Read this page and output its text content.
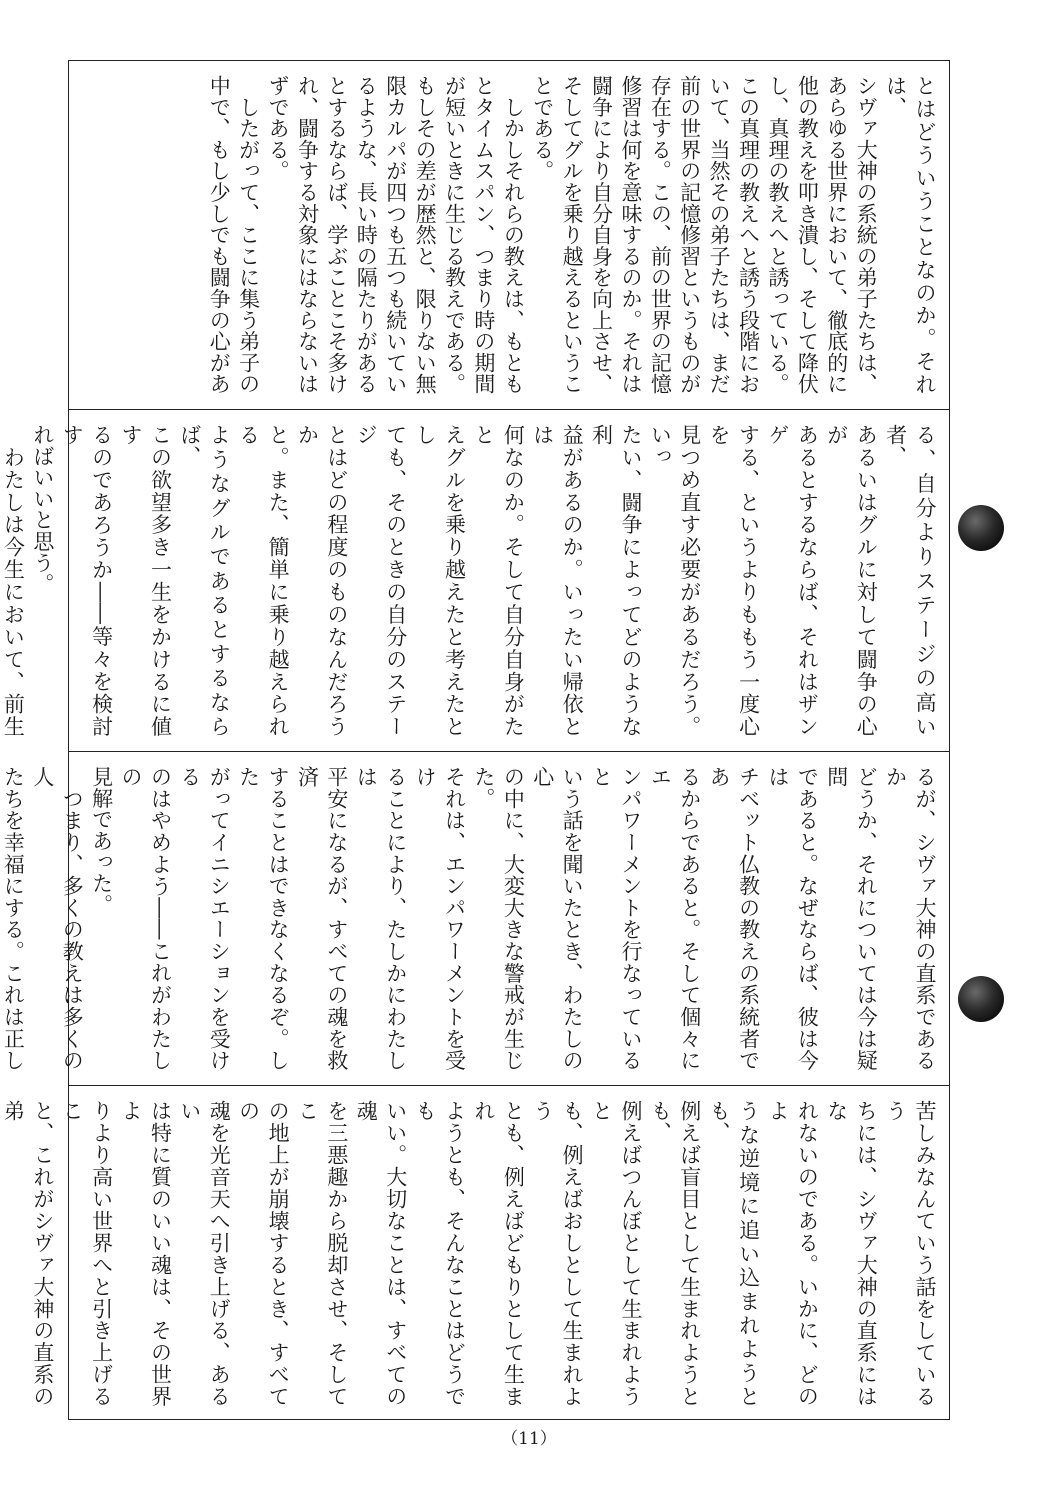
とはどういうことなのか。それは、
シヴァ大神の系統の弟子たちは、
あらゆる世界において、徹底的に
他の教えを叩き潰し、そして降伏
し、真理の教えへと誘っている。
この真理の教えへと誘う段階にお
いて、当然その弟子たちは、まだ
前の世界の記憶修習というものが
存在する。この、前の世界の記憶
修習は何を意味するのか。それは
闘争により自分自身を向上させ、
そしてグルを乗り越えるというこ
とである。
　しかしそれらの教えは、もとも
とタイムスパン、つまり時の期間
が短いときに生じる教えである。
もしその差が歴然と、限りない無
限カルパが四つも五つも続いてい
るような、長い時の隔たりがある
とするならば、学ぶことこそ多け
れ、闘争する対象にはならないは
ずである。
　したがって、ここに集う弟子の
中で、もし少しでも闘争の心があ
る、自分よりステージの高い者、
あるいはグルに対して闘争の心が
あるとするならば、それはザンゲ
する、というよりももう一度心を
見つめ直す必要があるだろう。いっ
たい、闘争によってどのような利
益があるのか。いったい帰依とは
何なのか。そして自分自身がたと
えグルを乗り越えたと考えたとし
ても、そのときの自分のステージ
とはどの程度のものなんだろうか
と。また、簡単に乗り越えられる
ようなグルであるとするならば、
この欲望多き一生をかけるに値す
るのであろうか――等々を検討す
ればいいと思う。
　わたしは今生において、前生

るが、シヴァ大神の直系であるか
どうか、それについては今は疑問
であると。なぜならば、彼は今は
チベット仏教の教えの系統者であ
るからであると。そして個々にエ
ンパワーメントを行なっていると
いう話を聞いたとき、わたしの心
の中に、大変大きな警戒が生じた。
それは、エンパワーメントを受け
ることにより、たしかにわたしは
平安になるが、すべての魂を救済
することはできなくなるぞ。した
がってイニシエーションを受ける
のはやめよう――これがわたしの
見解であった。
　つまり、多くの教えは多くの人
たちを幸福にする。これは正し

苦しみなんていう話をしているう
ちには、シヴァ大神の直系にはな
れないのである。いかに、どのよ
うな逆境に追い込まれようとも、
例えば盲目として生まれようとも、
例えばつんぼとして生まれようと
も、例えばおしとして生まれよう
とも、例えばどもりとして生まれ
ようとも、そんなことはどうでも
いい。大切なことは、すべての魂
を三悪趣から脱却させ、そしてこ
の地上が崩壊するとき、すべての
魂を光音天へ引き上げる、あるい
は特に質のいい魂は、その世界よ
りより高い世界へと引き上げるこ
と、これがシヴァ大神の直系の弟

（11）
